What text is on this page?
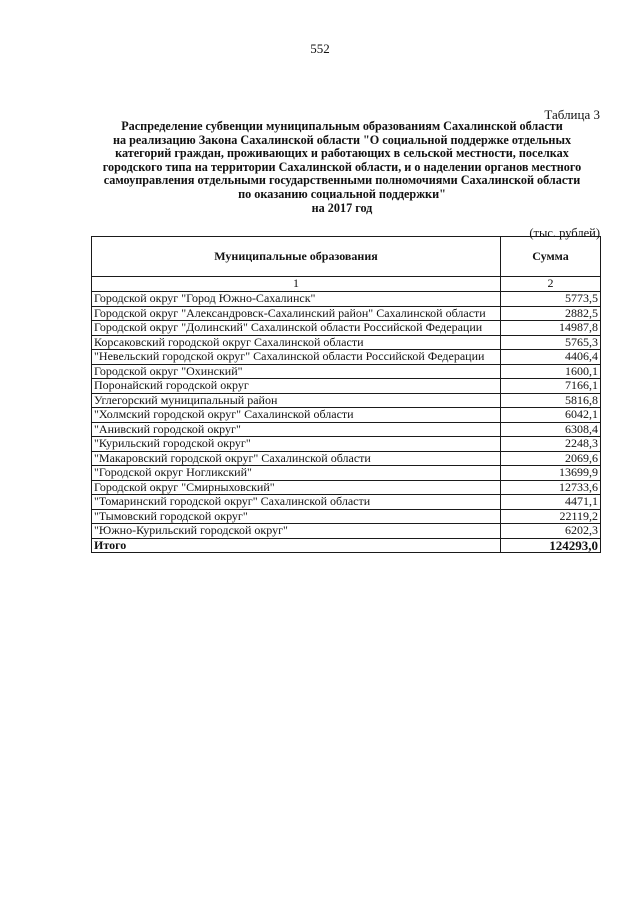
552
Таблица 3
Распределение субвенции муниципальным образованиям Сахалинской области
на реализацию Закона Сахалинской области "О социальной поддержке отдельных
категорий граждан, проживающих и работающих в сельской местности, поселках
городского типа на территории Сахалинской области, и о наделении органов местного
самоуправления отдельными государственными полномочиями Сахалинской области
по оказанию социальной поддержки"
на 2017 год
(тыс. рублей)
Муниципальные образования	Сумма
1	2
Городской округ "Город Южно-Сахалинск"	5773,5
Городской округ "Александровск-Сахалинский район" Сахалинской области	2882,5
Городской округ "Долинский" Сахалинской области Российской Федерации	14987,8
Корсаковский городской округ Сахалинской области	5765,3
"Невельский городской округ" Сахалинской области Российской Федерации	4406,4
Городской округ "Охинский"	1600,1
Поронайский городской округ	7166,1
Углегорский муниципальный район	5816,8
"Холмский городской округ" Сахалинской области	6042,1
"Анивский городской округ"	6308,4
"Курильский городской округ"	2248,3
"Макаровский городской округ" Сахалинской области	2069,6
"Городской округ Ногликский"	13699,9
Городской округ "Смирныховский"	12733,6
"Томаринский городской округ" Сахалинской области	4471,1
"Тымовский городской округ"	22119,2
"Южно-Курильский городской округ"	6202,3
Итого	124293,0
